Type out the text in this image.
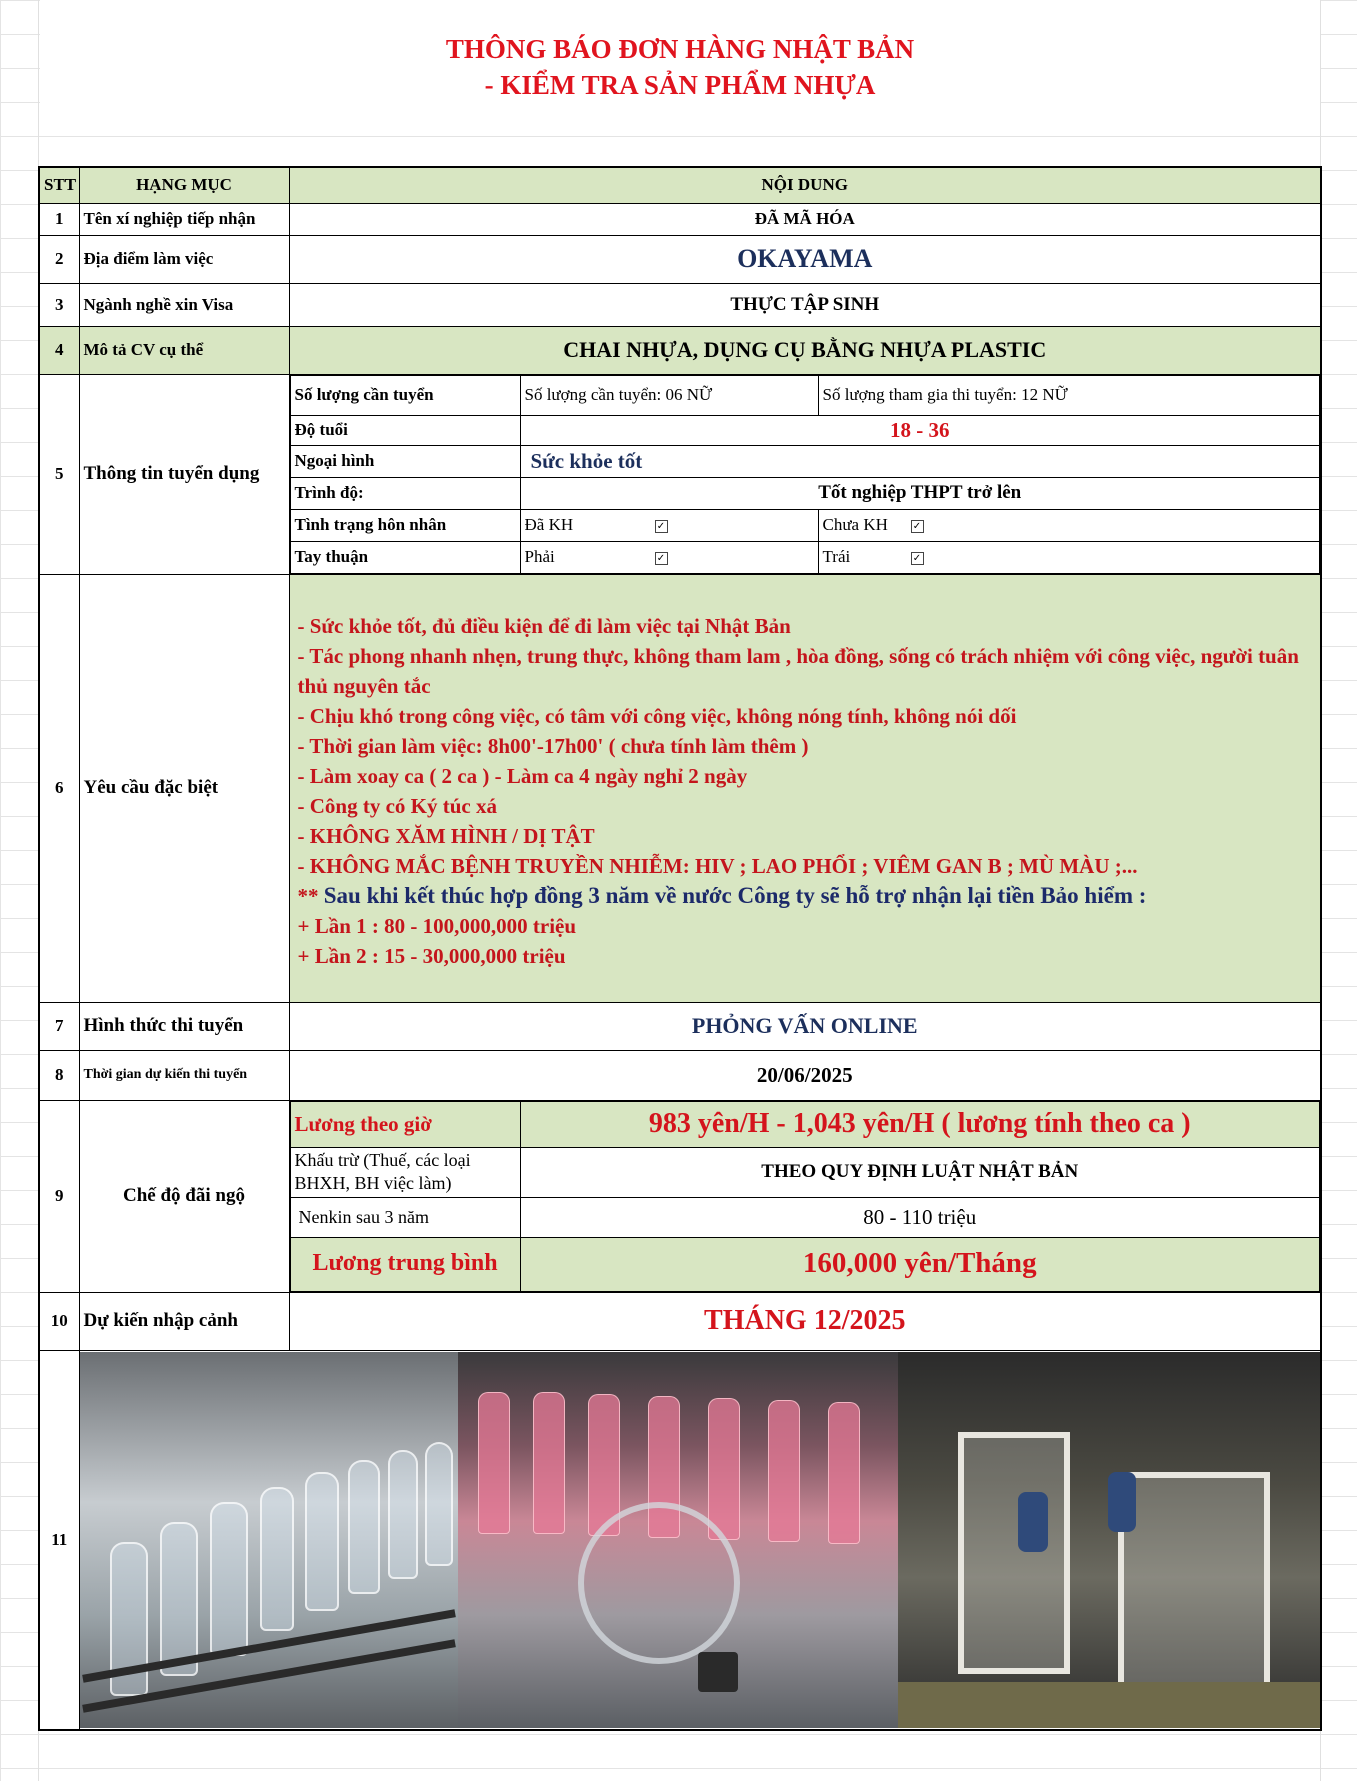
THÔNG BÁO ĐƠN HÀNG NHẬT BẢN
- KIỂM TRA SẢN PHẨM NHỰA
STT	HẠNG MỤC	NỘI DUNG
1	Tên xí nghiệp tiếp nhận	ĐÃ MÃ HÓA
2	Địa điểm làm việc	OKAYAMA
3	Ngành nghề xin Visa	THỰC TẬP SINH
4	Mô tả CV cụ thể	CHAI NHỰA, DỤNG CỤ BẰNG NHỰA PLASTIC
5	Thông tin tuyển dụng	
Số lượng cần tuyển	Số lượng cần tuyển: 06 NỮ	Số lượng tham gia thi tuyển: 12 NỮ
Độ tuổi	18 - 36
Ngoại hình	Sức khỏe tốt
Trình độ:	Tốt nghiệp THPT trở lên
Tình trạng hôn nhân	Đã KH	✓	Chưa KH ✓
Tay thuận	Phải	✓	Trái	✓

6	Yêu cầu đặc biệt	
- Sức khỏe tốt, đủ điều kiện để đi làm việc tại Nhật Bản
- Tác phong nhanh nhẹn, trung thực, không tham lam , hòa đồng, sống có trách nhiệm với công việc, người tuân thủ nguyên tắc
- Chịu khó trong công việc, có tâm với công việc, không nóng tính, không nói dối
- Thời gian làm việc: 8h00'-17h00' ( chưa tính làm thêm )
- Làm xoay ca ( 2 ca ) - Làm ca 4 ngày nghỉ 2 ngày
- Công ty có Ký túc xá
- KHÔNG XĂM HÌNH / DỊ TẬT
- KHÔNG MẮC BỆNH TRUYỀN NHIỄM: HIV ; LAO PHỔI ; VIÊM GAN B ; MÙ MÀU ;...
** Sau khi kết thúc hợp đồng 3 năm về nước Công ty sẽ hỗ trợ nhận lại tiền Bảo hiểm :
+ Lần 1 : 80 - 100,000,000 triệu
+ Lần 2 : 15 - 30,000,000 triệu

7	Hình thức thi tuyển	PHỎNG VẤN ONLINE
8	Thời gian dự kiến thi tuyển	20/06/2025
9	Chế độ đãi ngộ	
Lương theo giờ	983 yên/H - 1,043 yên/H ( lương tính theo ca )
Khấu trừ (Thuế, các loại BHXH, BH việc làm)	THEO QUY ĐỊNH LUẬT NHẬT BẢN
Nenkin sau 3 năm	80 - 110 triệu
Lương trung bình	160,000 yên/Tháng

10	Dự kiến nhập cảnh	THÁNG 12/2025
11	
